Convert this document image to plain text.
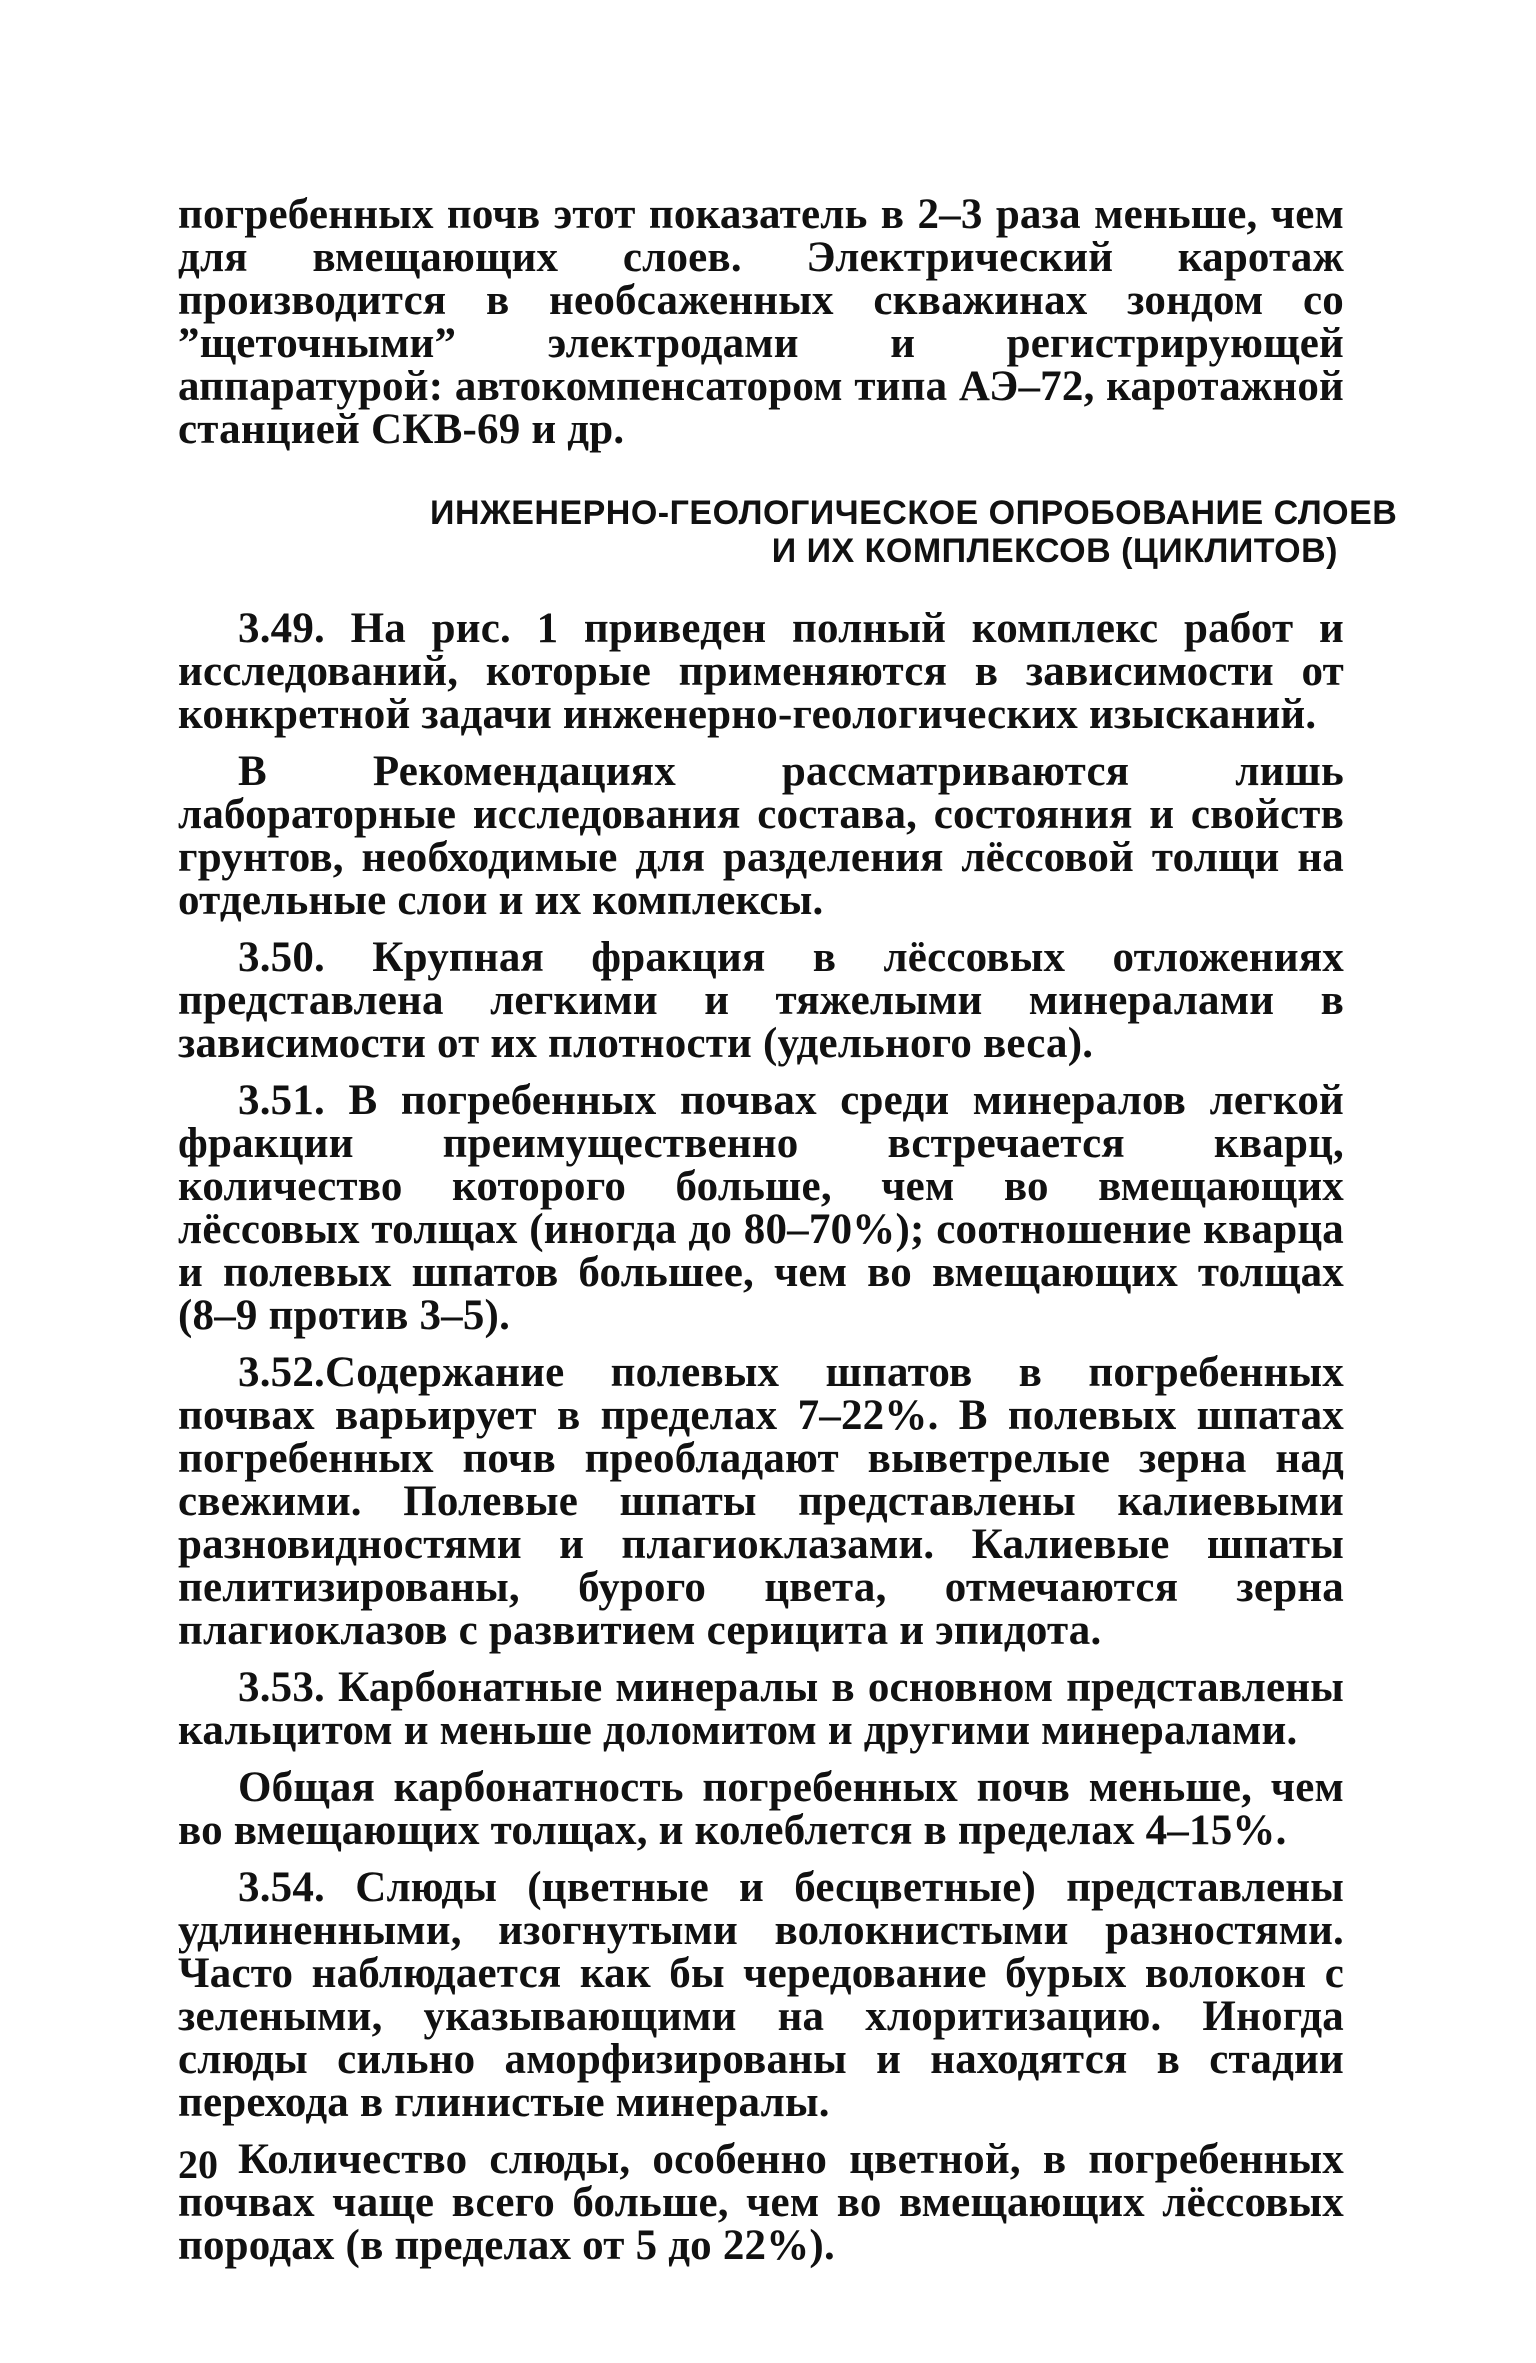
погребенных почв этот показатель в 2–3 раза меньше, чем для вмещающих слоев. Электрический каротаж производится в необсаженных скважинах зондом со ”щеточными” электродами и регистрирующей аппаратурой: автокомпенсатором типа АЭ–72, каротажной станцией СКВ-69 и др.

ИНЖЕНЕРНО-ГЕОЛОГИЧЕСКОЕ ОПРОБОВАНИЕ СЛОЕВ
И ИХ КОМПЛЕКСОВ (ЦИКЛИТОВ)

3.49. На рис. 1 приведен полный комплекс работ и исследований, которые применяются в зависимости от конкретной задачи инженерно-геологических изысканий.

В Рекомендациях рассматриваются лишь лабораторные исследования состава, состояния и свойств грунтов, необходимые для разделения лёссовой толщи на отдельные слои и их комплексы.

3.50. Крупная фракция в лёссовых отложениях представлена легкими и тяжелыми минералами в зависимости от их плотности (удельного веса).

3.51. В погребенных почвах среди минералов легкой фракции преимущественно встречается кварц, количество которого больше, чем во вмещающих лёссовых толщах (иногда до 80–70%); соотношение кварца и полевых шпатов большее, чем во вмещающих толщах (8–9 против 3–5).

3.52.Содержание полевых шпатов в погребенных почвах варьирует в пределах 7–22%. В полевых шпатах погребенных почв преобладают выветрелые зерна над свежими. Полевые шпаты представлены калиевыми разновидностями и плагиоклазами. Калиевые шпаты пелитизированы, бурого цвета, отмечаются зерна плагиоклазов с развитием серицита и эпидота.

3.53. Карбонатные минералы в основном представлены кальцитом и меньше доломитом и другими минералами.

Общая карбонатность погребенных почв меньше, чем во вмещающих толщах, и колеблется в пределах 4–15%.

3.54. Слюды (цветные и бесцветные) представлены удлиненными, изогнутыми волокнистыми разностями. Часто наблюдается как бы чередование бурых волокон с зелеными, указывающими на хлоритизацию. Иногда слюды сильно аморфизированы и находятся в стадии перехода в глинистые минералы.

Количество слюды, особенно цветной, в погребенных почвах чаще всего больше, чем во вмещающих лёссовых породах (в пределах от 5 до 22%).

20
